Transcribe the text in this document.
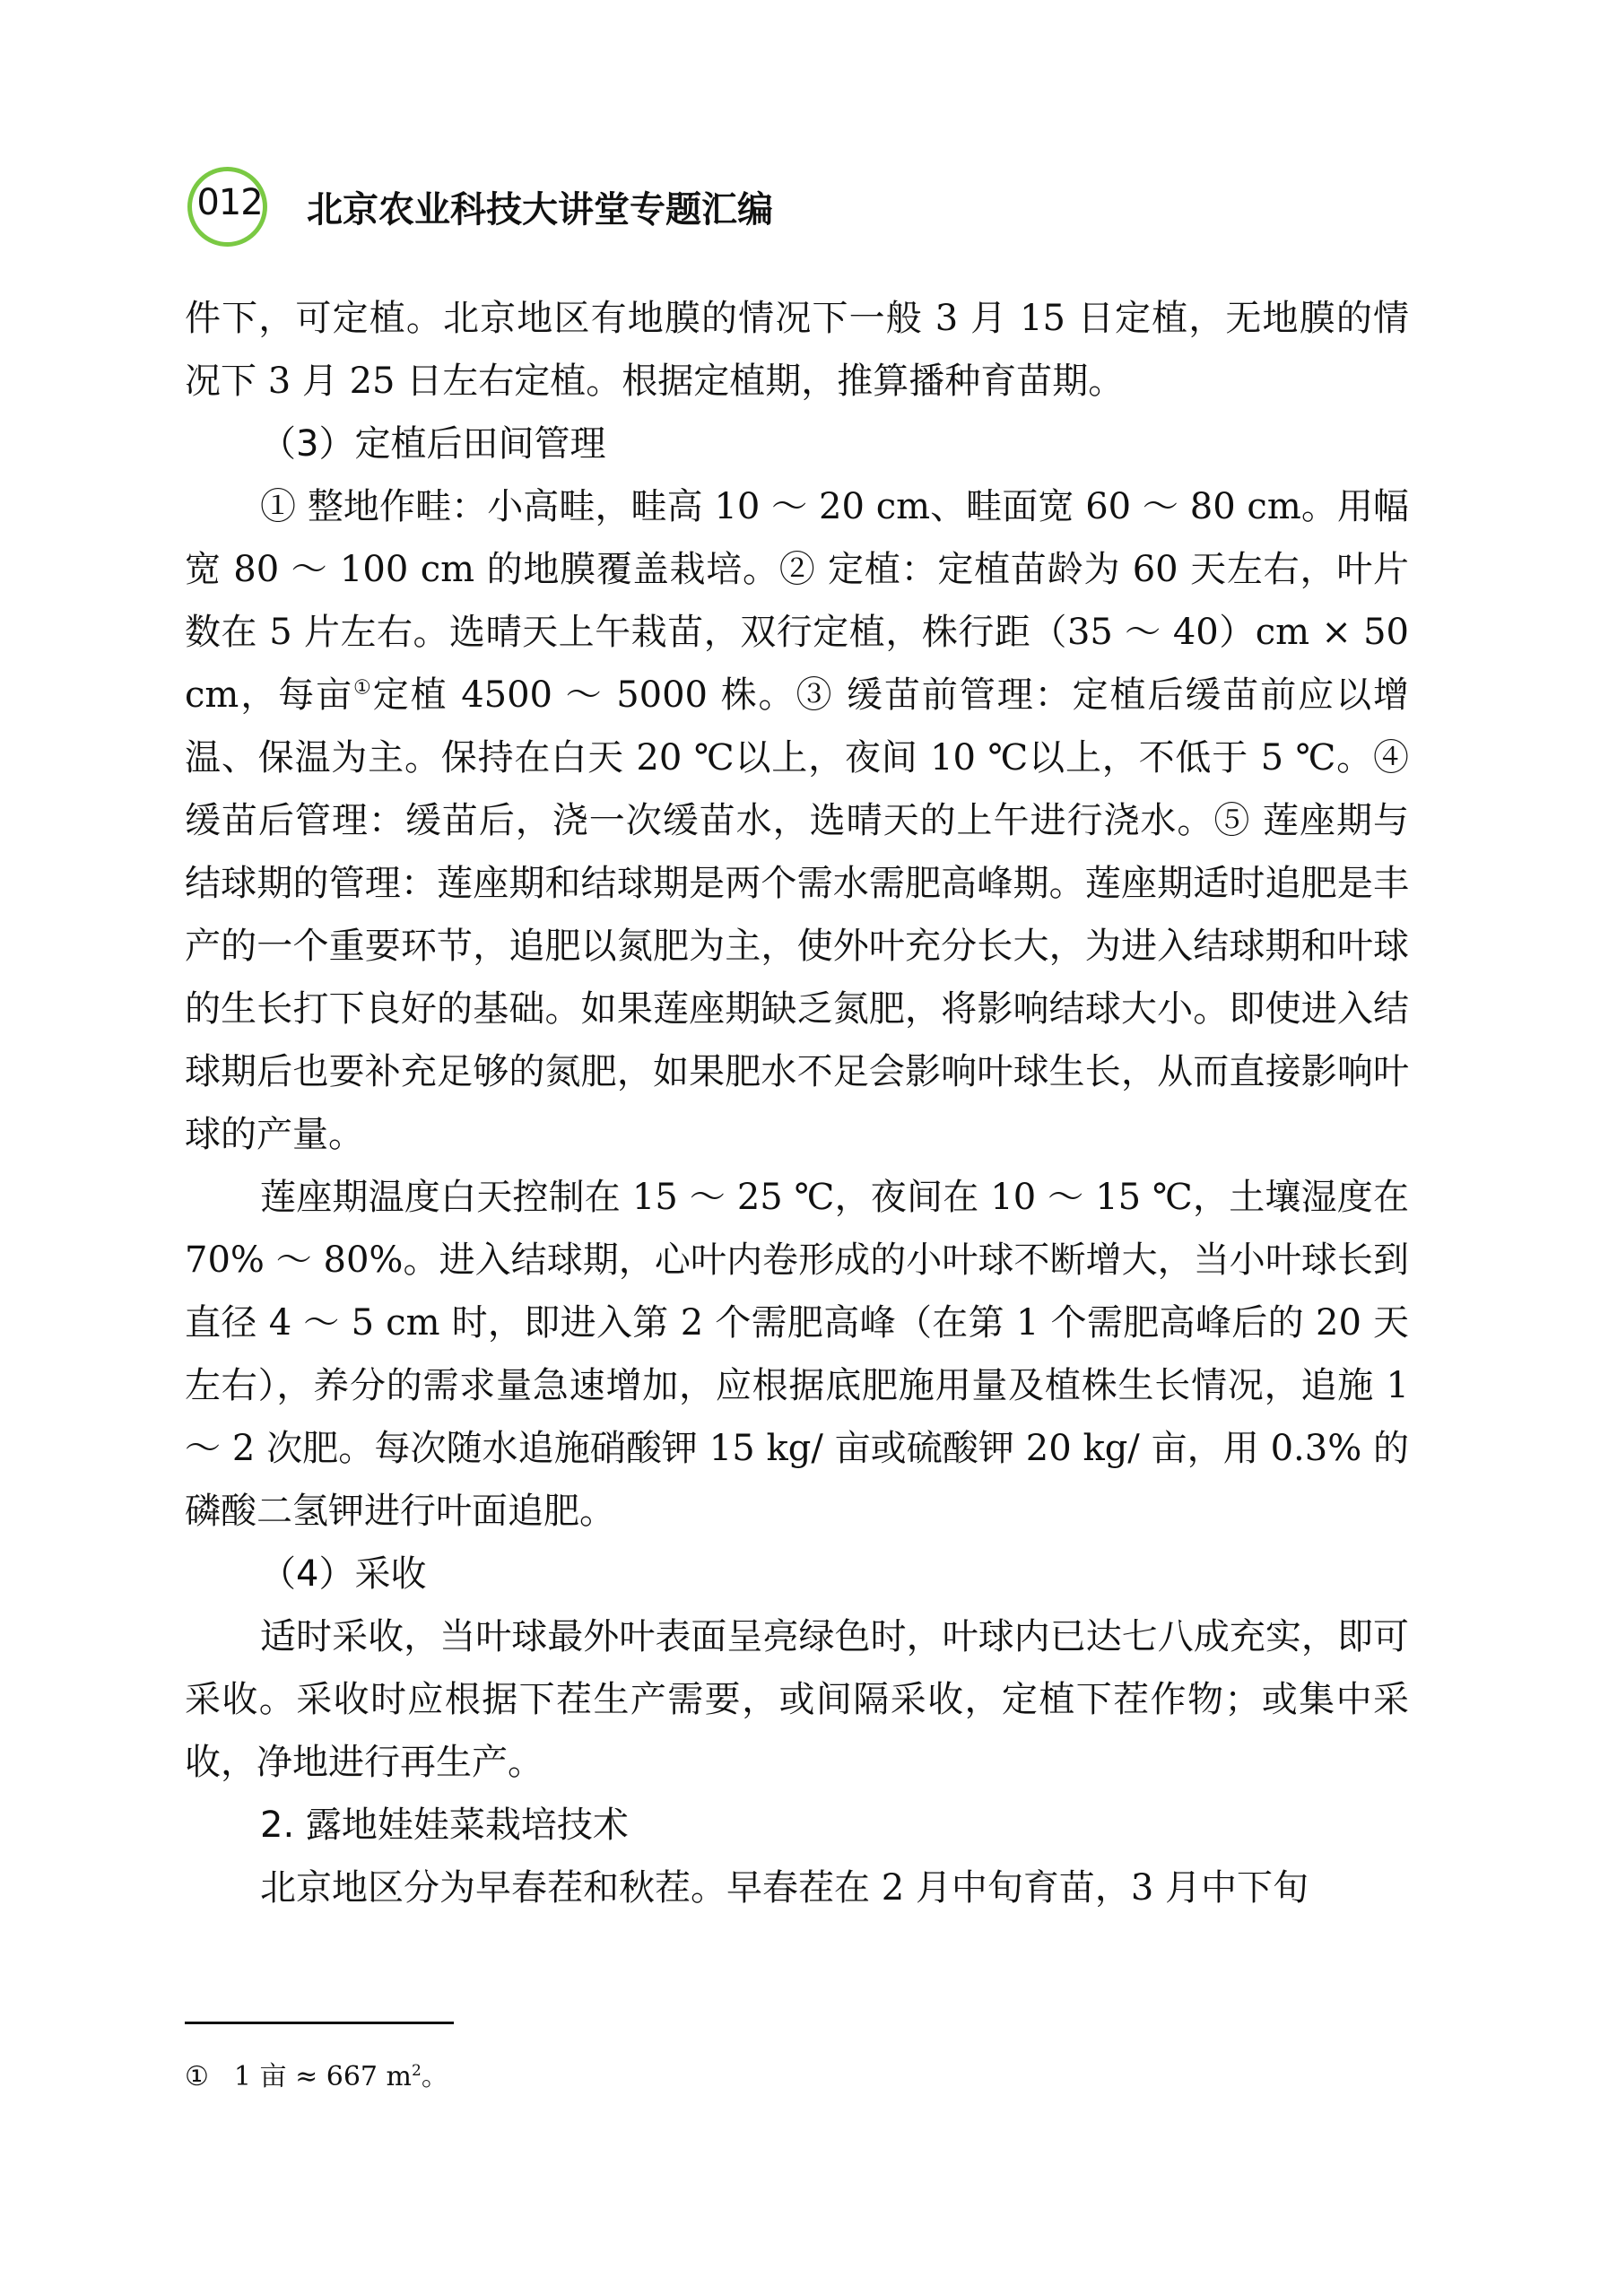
012 北京农业科技大讲堂专题汇编

件下，可定植。北京地区有地膜的情况下一般 3 月 15 日定植，无地膜的情况下 3 月 25 日左右定植。根据定植期，推算播种育苗期。

（3）定植后田间管理

① 整地作畦：小高畦，畦高 10 ～ 20 cm、畦面宽 60 ～ 80 cm。用幅宽 80 ～ 100 cm 的地膜覆盖栽培。② 定植：定植苗龄为 60 天左右，叶片数在 5 片左右。选晴天上午栽苗，双行定植，株行距（35 ～ 40）cm × 50 cm，每亩①定植 4500 ～ 5000 株。③ 缓苗前管理：定植后缓苗前应以增温、保温为主。保持在白天 20 ℃以上，夜间 10 ℃以上，不低于 5 ℃。④ 缓苗后管理：缓苗后，浇一次缓苗水，选晴天的上午进行浇水。⑤ 莲座期与结球期的管理：莲座期和结球期是两个需水需肥高峰期。莲座期适时追肥是丰产的一个重要环节，追肥以氮肥为主，使外叶充分长大，为进入结球期和叶球的生长打下良好的基础。如果莲座期缺乏氮肥，将影响结球大小。即使进入结球期后也要补充足够的氮肥，如果肥水不足会影响叶球生长，从而直接影响叶球的产量。

莲座期温度白天控制在 15 ～ 25 ℃，夜间在 10 ～ 15 ℃，土壤湿度在 70% ～ 80%。进入结球期，心叶内卷形成的小叶球不断增大，当小叶球长到直径 4 ～ 5 cm 时，即进入第 2 个需肥高峰（在第 1 个需肥高峰后的 20 天左右），养分的需求量急速增加，应根据底肥施用量及植株生长情况，追施 1 ～ 2 次肥。每次随水追施硝酸钾 15 kg/ 亩或硫酸钾 20 kg/ 亩，用 0.3% 的磷酸二氢钾进行叶面追肥。

（4）采收

适时采收，当叶球最外叶表面呈亮绿色时，叶球内已达七八成充实，即可采收。采收时应根据下茬生产需要，或间隔采收，定植下茬作物；或集中采收，净地进行再生产。

2. 露地娃娃菜栽培技术

北京地区分为早春茬和秋茬。早春茬在 2 月中旬育苗，3 月中下旬

① 1 亩 ≈ 667 $m^2$。
